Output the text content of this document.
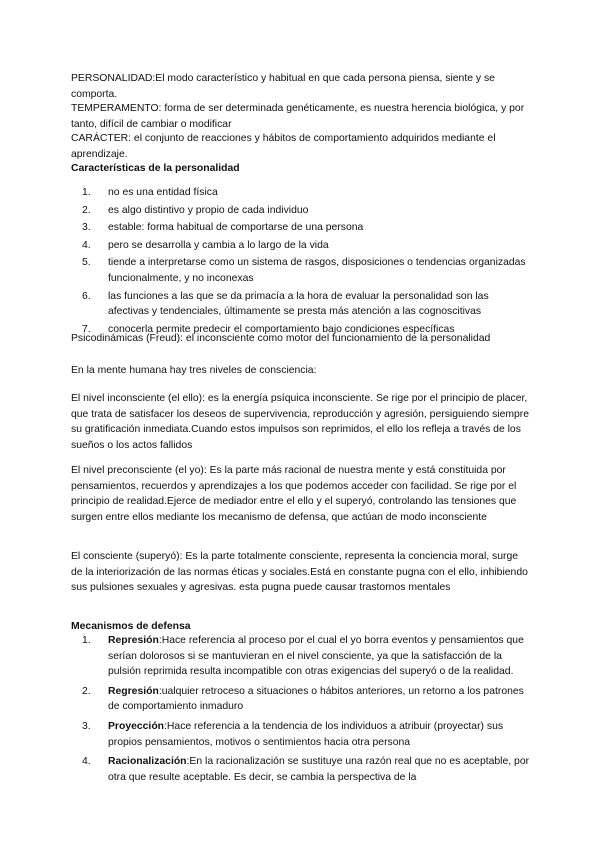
PERSONALIDAD:El modo característico y habitual en que cada persona piensa, siente y se comporta.

TEMPERAMENTO: forma de ser determinada genéticamente, es nuestra herencia biológica, y por tanto, difícil de cambiar o modificar

CARÁCTER: el conjunto de reacciones y hábitos de comportamiento adquiridos mediante el aprendizaje.

Características de la personalidad

1. no es una entidad física
2. es algo distintivo y propio de cada individuo
3. estable: forma habitual de comportarse de una persona
4. pero se desarrolla y cambia a lo largo de la vida
5. tiende a interpretarse como un sistema de rasgos, disposiciones o tendencias organizadas funcionalmente, y no inconexas
6. las funciones a las que se da primacía a la hora de evaluar la personalidad son las afectivas y tendenciales, últimamente se presta más atención a las cognoscitivas
7. conocerla permite predecir el comportamiento bajo condiciones específicas

Psicodinámicas (Freud): el inconsciente como motor del funcionamiento de la personalidad

En la mente humana hay tres niveles de consciencia:

El nivel inconsciente (el ello): es la energía psíquica inconsciente. Se rige por el principio de placer, que trata de satisfacer los deseos de supervivencia, reproducción y agresión, persiguiendo siempre su gratificación inmediata.Cuando estos impulsos son reprimidos, el ello los refleja a través de los sueños o los actos fallidos

El nivel preconsciente (el yo): Es la parte más racional de nuestra mente y está constituida por pensamientos, recuerdos y aprendizajes a los que podemos acceder con facilidad. Se rige por el principio de realidad.Ejerce de mediador entre el ello y el superyó, controlando las tensiones que surgen entre ellos mediante los mecanismo de defensa, que actúan de modo inconsciente

El consciente (superyó): Es la parte totalmente consciente, representa la conciencia moral, surge de la interiorización de las normas éticas y sociales.Está en constante pugna con el ello, inhibiendo sus pulsiones sexuales y agresivas. esta pugna puede causar trastornos mentales

Mecanismos de defensa

1. Represión:Hace referencia al proceso por el cual el yo borra eventos y pensamientos que serían dolorosos si se mantuvieran en el nivel consciente, ya que la satisfacción de la pulsión reprimida resulta incompatible con otras exigencias del superyó o de la realidad.
2. Regresión:ualquier retroceso a situaciones o hábitos anteriores, un retorno a los patrones de comportamiento inmaduro
3. Proyección:Hace referencia a la tendencia de los individuos a atribuir (proyectar) sus propios pensamientos, motivos o sentimientos hacia otra persona
4. Racionalización:En la racionalización se sustituye una razón real que no es aceptable, por otra que resulte aceptable. Es decir, se cambia la perspectiva de la
